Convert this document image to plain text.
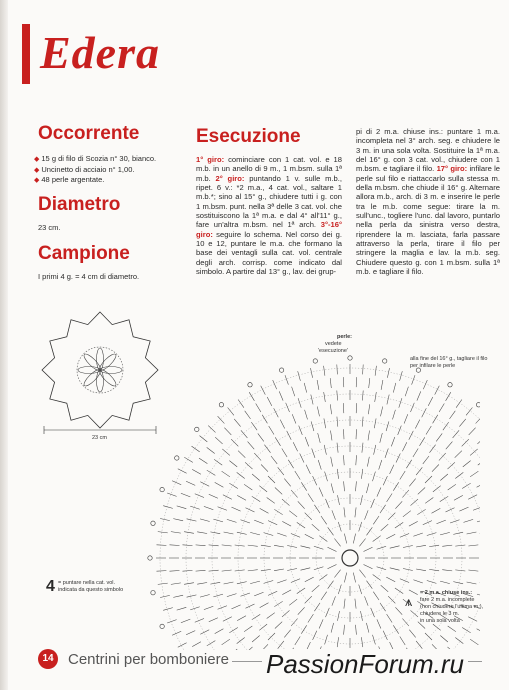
Edera
Occorrente
◆ 15 g di filo di Scozia n° 30, bianco.
◆ Uncinetto di acciaio n° 1,00.
◆ 48 perle argentate.
Diametro
23 cm.
Campione
I primi 4 g. = 4 cm di diametro.
Esecuzione
1° giro: cominciare con 1 cat. vol. e 18 m.b. in un anello di 9 m., 1 m.bsm. sulla 1ª m.b. 2° giro: puntando 1 v. sulle m.b., ripet. 6 v.: *2 m.a., 4 cat. vol., saltare 1 m.b.*; sino al 15° g., chiudere tutti i g. con 1 m.bsm. punt. nella 3ª delle 3 cat. vol. che sostituiscono la 1ª m.a. e dal 4° all'11° g., fare un'altra m.bsm. nel 1ª arch. 3°-16° giro: seguire lo schema. Nel corso dei g. 10 e 12, puntare le m.a. che formano la base dei ventagli sulla cat. vol. centrale degli arch. corrisp. come indicato dal simbolo. A partire dal 13° g., lav. dei grup-
pi di 2 m.a. chiuse ins.: puntare 1 m.a. incompleta nel 3° arch. seg. e chiudere le 3 m. in una sola volta. Sostituire la 1ª m.a. del 16° g. con 3 cat. vol., chiudere con 1 m.bsm. e tagliare il filo. 17° giro: infilare le perle sul filo e riattaccarlo sulla stessa m. della m.bsm. che chiude il 16° g. Alternare allora m.b., arch. di 3 m. e inserire le perle tra le m.b. come segue: tirare la m. sull'unc., togliere l'unc. dal lavoro, puntarlo nella perla da sinistra verso destra, riprendere la m. lasciata, farla passare attraverso la perla, tirare il filo per stringere la maglia e lav. la m.b. seg. Chiudere questo g. con 1 m.bsm. sulla 1ª m.b. e tagliare il filo.
23 cm
perle:
vedete
'esecuzione'
alla fine del 16° g., tagliare il filo
per infilare le perle
4 = puntare nella cat. vol.
indicata da questo simbolo
⩚
= 2 m.a. chiuse ins.:
fare 2 m.a. incomplete
(non chiudere l'ultima m.),
chiudere le 3 m.
in una sola volta
14 Centrini per bomboniere PassionForum.ru
